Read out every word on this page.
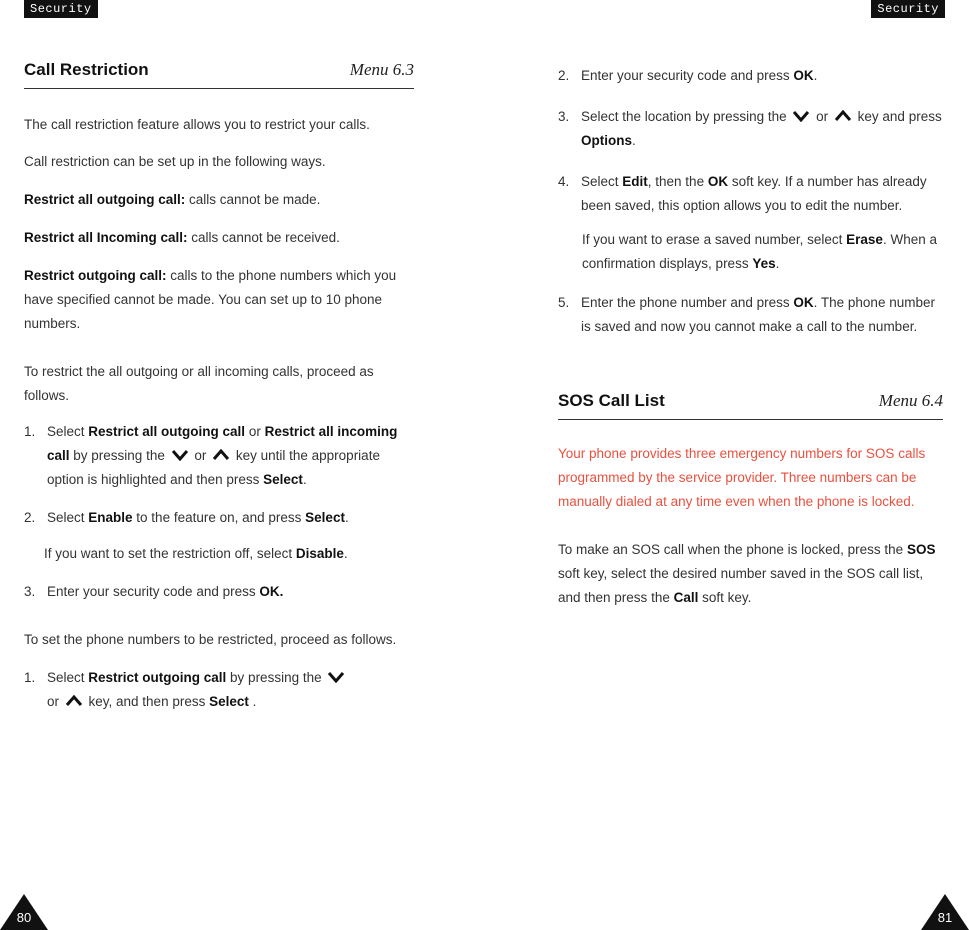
Security	Security
Call Restriction	Menu 6.3

The call restriction feature allows you to restrict your calls.

Call restriction can be set up in the following ways.

Restrict all outgoing call: calls cannot be made.

Restrict all Incoming call: calls cannot be received.

Restrict outgoing call: calls to the phone numbers which you have specified cannot be made. You can set up to 10 phone numbers.

To restrict the all outgoing or all incoming calls, proceed as follows.

1. Select Restrict all outgoing call or Restrict all incoming call by pressing the  or  key until the appropriate option is highlighted and then press Select.
2. Select Enable to the feature on, and press Select.

If you want to set the restriction off, select Disable.

3. Enter your security code and press OK.

To set the phone numbers to be restricted, proceed as follows.

1. Select Restrict outgoing call by pressing the
or  key, and then press Select .
2. Enter your security code and press OK.
3. Select the location by pressing the  or  key and press Options.
4. Select Edit, then the OK soft key. If a number has already been saved, this option allows you to edit the number.

If you want to erase a saved number, select Erase. When a confirmation displays, press Yes.

5. Enter the phone number and press OK. The phone number is saved and now you cannot make a call to the number.
SOS Call List	Menu 6.4

Your phone provides three emergency numbers for SOS calls programmed by the service provider. Three numbers can be manually dialed at any time even when the phone is locked.

To make an SOS call when the phone is locked, press the SOS soft key, select the desired number saved in the SOS call list, and then press the Call soft key.

80	81
